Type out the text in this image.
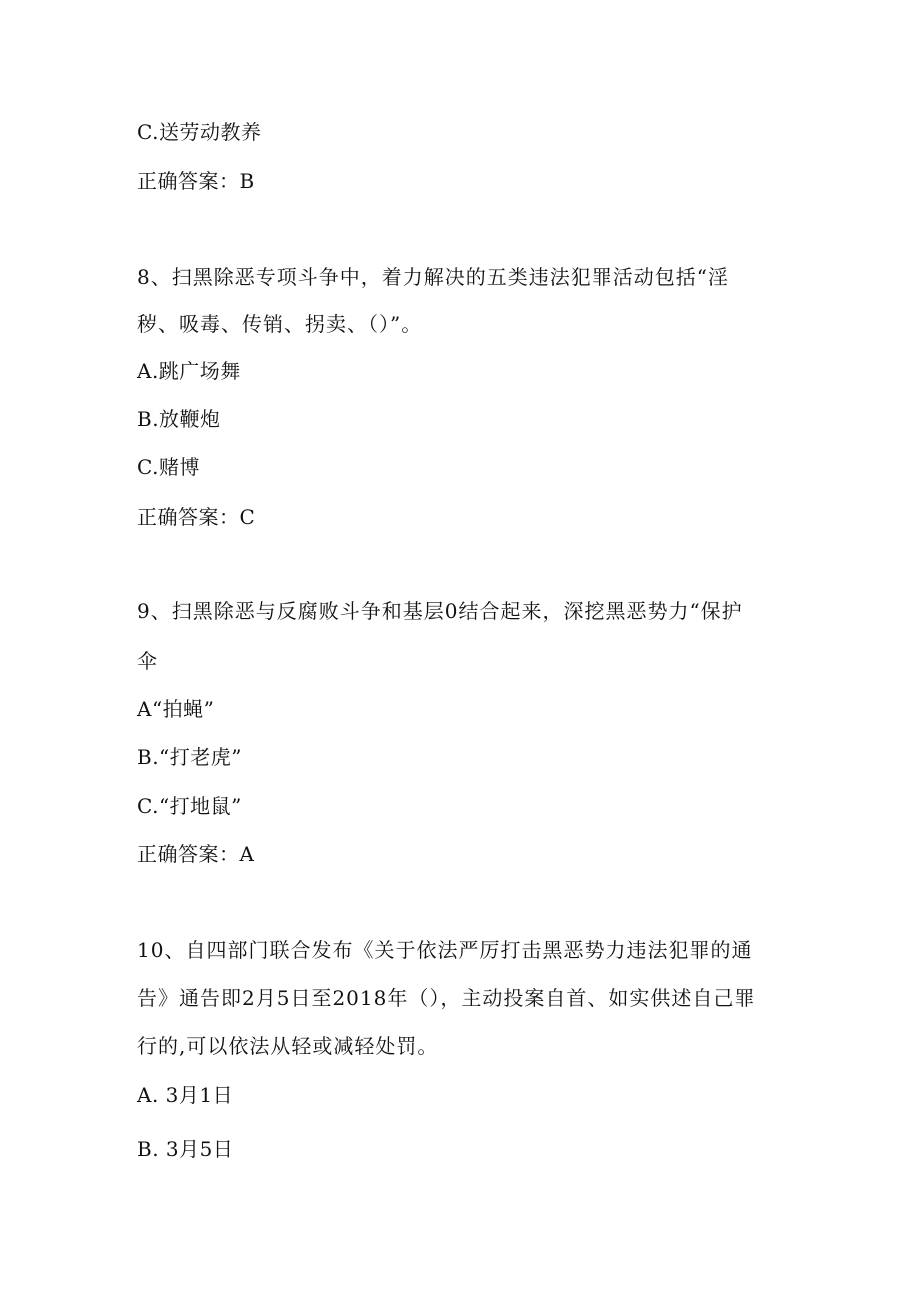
C.送劳动教养
正确答案：B
8、扫黑除恶专项斗争中，着力解决的五类违法犯罪活动包括“淫
秽、吸毒、传销、拐卖、（）”。
A.跳广场舞
B.放鞭炮
C.赌博
正确答案：C
9、扫黑除恶与反腐败斗争和基层0结合起来，深挖黑恶势力“保护
伞
A“拍蝇”
B.“打老虎”
C.“打地鼠”
正确答案：A
10、自四部门联合发布《关于依法严厉打击黑恶势力违法犯罪的通
告》通告即2月5日至2018年（），主动投案自首、如实供述自己罪
行的,可以依法从轻或减轻处罚。
A. 3月1日
B. 3月5日
